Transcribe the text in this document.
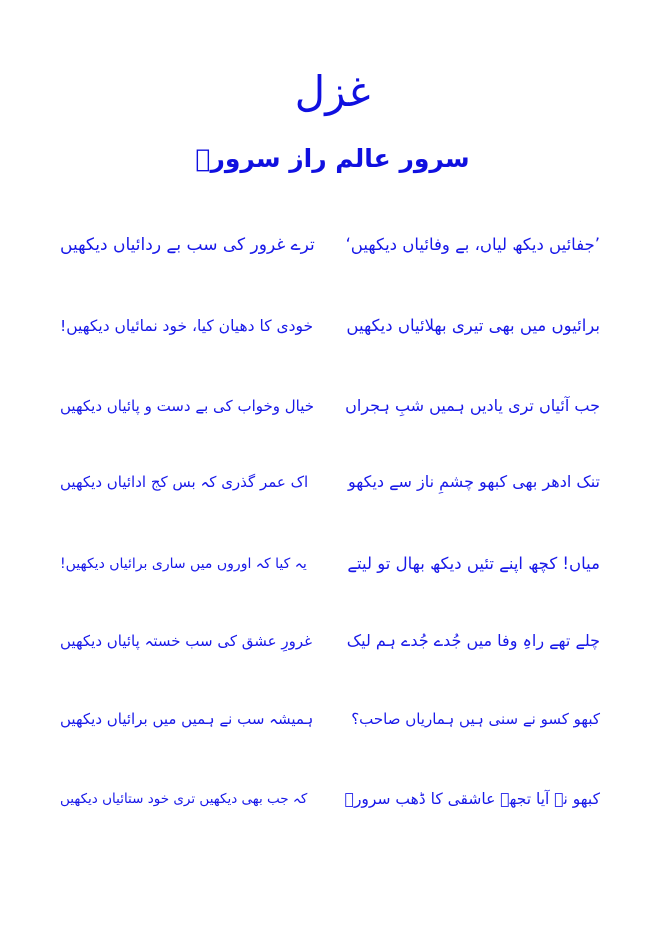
غزل
سرور عالم راز سرورؔ
’جفائیں دیکھ لیاں، بے وفائیاں دیکھیں‘
ترے غرور کی سب بے ردائیاں دیکھیں
برائیوں میں بھی تیری بھلائیاں دیکھیں
خودی کا دھیان کیا، خود نمائیاں دیکھیں!
جب آئیاں تری یادیں ہمیں شبِ ہجراں
خیال وخواب کی بے دست و پائیاں دیکھیں
تنک ادھر بھی کبھو چشمِ ناز سے دیکھو
اک عمر گذری کہ بس کج ادائیاں دیکھیں
میاں! کچھ اپنے تئیں دیکھ بھال تو لیتے
یہ کیا کہ اوروں میں ساری برائیاں دیکھیں!
چلے تھے راہِ وفا میں جُدے جُدے ہم لیک
غرورِ عشق کی سب خستہ پائیاں دیکھیں
کبھو کسو نے سنی ہیں ہماریاں صاحب؟
ہمیشہ سب نے ہمیں میں برائیاں دیکھیں
کبھو نہ آیا تجھے عاشقی کا ڈھب سرورؔ
کہ جب بھی دیکھیں تری خود ستائیاں دیکھیں
